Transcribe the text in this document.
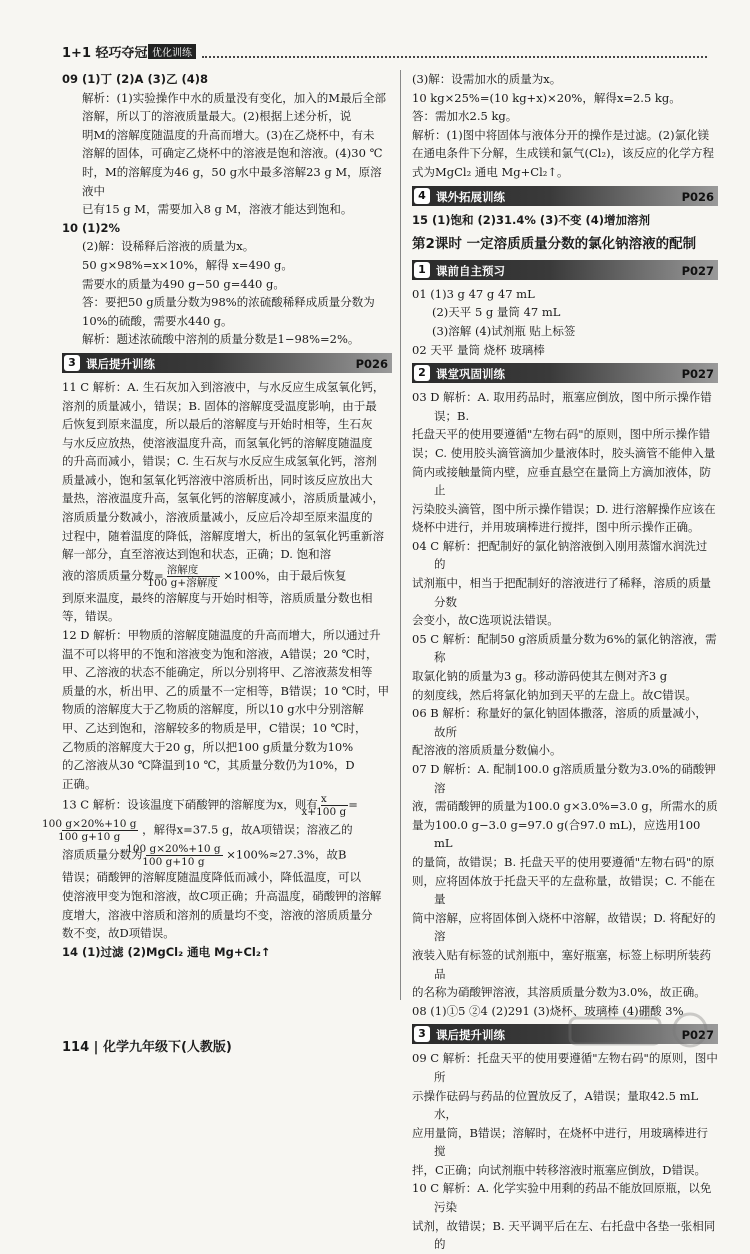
1+1 轻巧夺冠 优化训练

09 (1)丁 (2)A (3)乙 (4)8

解析：(1)实验操作中水的质量没有变化，加入的M最后全部

溶解，所以丁的溶液质量最大。(2)根据上述分析，说

明M的溶解度随温度的升高而增大。(3)在乙烧杯中，有未

溶解的固体，可确定乙烧杯中的溶液是饱和溶液。(4)30 ℃

时，M的溶解度为46 g，50 g水中最多溶解23 g M，原溶液中

已有15 g M，需要加入8 g M，溶液才能达到饱和。

10 (1)2%

(2)解：设稀释后溶液的质量为x。

50 g×98%=x×10%，解得 x=490 g。

需要水的质量为490 g−50 g=440 g。

答：要把50 g质量分数为98%的浓硫酸稀释成质量分数为

10%的硫酸，需要水440 g。

解析：题述浓硫酸中溶剂的质量分数是1−98%=2%。

3 课后提升训练	P026

11 C 解析：A. 生石灰加入到溶液中，与水反应生成氢氧化钙，

溶剂的质量减小，错误；B. 固体的溶解度受温度影响，由于最

后恢复到原来温度，所以最后的溶解度与开始时相等，生石灰

与水反应放热，使溶液温度升高，而氢氧化钙的溶解度随温度

的升高而减小，错误；C. 生石灰与水反应生成氢氧化钙，溶剂

质量减小，饱和氢氧化钙溶液中溶质析出，同时该反应放出大

量热，溶液温度升高，氢氧化钙的溶解度减小，溶质质量减小，

溶质质量分数减小，溶液质量减小，反应后冷却至原来温度的

过程中，随着温度的降低，溶解度增大，析出的氢氧化钙重新溶

解一部分，直至溶液达到饱和状态，正确；D. 饱和溶

液的溶质质量分数= $\frac{\text{溶解度}}{\text{100 g+溶解度}} \times 100\%$，由于最后恢复

到原来温度，最终的溶解度与开始时相等，溶质质量分数也相

等，错误。

12 D 解析：甲物质的溶解度随温度的升高而增大，所以通过升

温不可以将甲的不饱和溶液变为饱和溶液，A错误；20 ℃时，

甲、乙溶液的状态不能确定，所以分别将甲、乙溶液蒸发相等

质量的水，析出甲、乙的质量不一定相等，B错误；10 ℃时，甲

物质的溶解度大于乙物质的溶解度，所以10 g水中分别溶解

甲、乙达到饱和，溶解较多的物质是甲，C错误；10 ℃时，

乙物质的溶解度大于20 g，所以把100 g质量分数为10%

的乙溶液从30 ℃降温到10 ℃，其质量分数仍为10%，D

正确。

13 C 解析：设该温度下硝酸钾的溶解度为x，则有 $\frac{x}{x+100 g}$ =

$\frac{100 g\times 20\%+10 g}{100 g+10 g}$ ，解得x=37.5 g，故A项错误；溶液乙的

溶质质量分数为 $\frac{100 g\times 20\%+10 g}{100 g+10 g} \times 100\%\approx 27.3\%$，故B

错误；硝酸钾的溶解度随温度降低而减小，降低温度，可以

使溶液甲变为饱和溶液，故C项正确；升高温度，硝酸钾的溶解

度增大，溶液中溶质和溶剂的质量均不变，溶液的溶质质量分

数不变，故D项错误。

14 (1)过滤 (2)MgCl₂ 通电 Mg+Cl₂↑

(3)解：设需加水的质量为x。

10 kg×25%=(10 kg+x)×20%，解得x=2.5 kg。

答：需加水2.5 kg。

解析：(1)图中将固体与液体分开的操作是过滤。(2)氯化镁

在通电条件下分解，生成镁和氯气(Cl₂)，该反应的化学方程

式为MgCl₂ 通电 Mg+Cl₂↑。

4 课外拓展训练	P026

15 (1)饱和 (2)31.4% (3)不变 (4)增加溶剂

第2课时 一定溶质质量分数的氯化钠溶液的配制

1 课前自主预习	P027

01 (1)3 g 47 g 47 mL

(2)天平 5 g 量筒 47 mL

(3)溶解 (4)试剂瓶 贴上标签

02 天平 量筒 烧杯 玻璃棒

2 课堂巩固训练	P027

03 D 解析：A. 取用药品时，瓶塞应倒放，图中所示操作错误；B.

托盘天平的使用要遵循"左物右码"的原则，图中所示操作错

误；C. 使用胶头滴管滴加少量液体时，胶头滴管不能伸入量

筒内或接触量筒内壁，应垂直悬空在量筒上方滴加液体，防止

污染胶头滴管，图中所示操作错误；D. 进行溶解操作应该在

烧杯中进行，并用玻璃棒进行搅拌，图中所示操作正确。

04 C 解析：把配制好的氯化钠溶液倒入刚用蒸馏水润洗过的

试剂瓶中，相当于把配制好的溶液进行了稀释，溶质的质量分数

会变小，故C选项说法错误。

05 C 解析：配制50 g溶质质量分数为6%的氯化钠溶液，需称

取氯化钠的质量为3 g。移动游码使其左侧对齐3 g

的刻度线，然后将氯化钠加到天平的左盘上。故C错误。

06 B 解析：称量好的氯化钠固体撒落，溶质的质量减小，故所

配溶液的溶质质量分数偏小。

07 D 解析：A. 配制100.0 g溶质质量分数为3.0%的硝酸钾溶

液，需硝酸钾的质量为100.0 g×3.0%=3.0 g，所需水的质

量为100.0 g−3.0 g=97.0 g(合97.0 mL)，应选用100 mL

的量筒，故错误；B. 托盘天平的使用要遵循"左物右码"的原

则，应将固体放于托盘天平的左盘称量，故错误；C. 不能在量

筒中溶解，应将固体倒入烧杯中溶解，故错误；D. 将配好的溶

液装入贴有标签的试剂瓶中，塞好瓶塞，标签上标明所装药品

的名称为硝酸钾溶液，其溶质质量分数为3.0%，故正确。

08 (1)①5 ②4 (2)291 (3)烧杯、玻璃棒 (4)硼酸 3%

3 课后提升训练	P027

09 C 解析：托盘天平的使用要遵循"左物右码"的原则，图中所

示操作砝码与药品的位置放反了，A错误；量取42.5 mL水，

应用量筒，B错误；溶解时，在烧杯中进行，用玻璃棒进行搅

拌，C正确；向试剂瓶中转移溶液时瓶塞应倒放，D错误。

10 C 解析：A. 化学实验中用剩的药品不能放回原瓶，以免污染

试剂，故错误；B. 天平调平后在左、右托盘中各垫一张相同的

114 | 化学九年级下(人教版)
